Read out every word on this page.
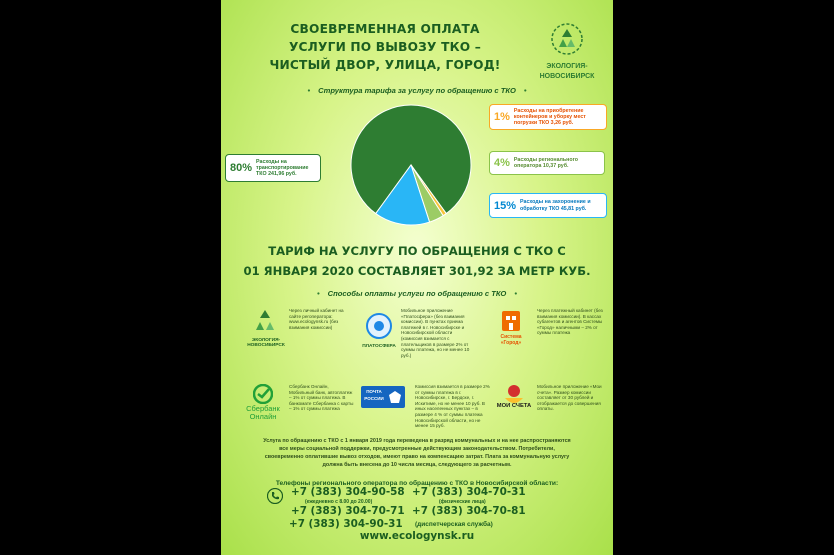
СВОЕВРЕМЕННАЯ ОПЛАТА
УСЛУГИ ПО ВЫВОЗУ ТКО –
ЧИСТЫЙ ДВОР, УЛИЦА, ГОРОД!	ЭКОЛОГИЯ-
НОВОСИБИРСК
• Структура тарифа за услугу по обращению с ТКО •
80%
Расходы на транспортирование ТКО 241,96 руб.
1%
Расходы на приобретение контейнеров и уборку мест погрузки ТКО 3,26 руб.
4% Расходы регионального оператора 10,37 руб.
15% Расходы на захоронение и обработку ТКО 45,81 руб.
ТАРИФ НА УСЛУГУ ПО ОБРАЩЕНИЯ С ТКО С
01 ЯНВАРЯ 2020 СОСТАВЛЯЕТ 301,92 ЗА МЕТР КУБ.
• Способы оплаты услуги по обращению с ТКО •
ЭКОЛОГИЯ-НОВОСИБИРСК
Через личный кабинет на сайте регоператора: www.ecologynsk.ru (без взимания комиссии)
ПЛАТОСФЕРА
Мобильное приложение «Платосфера» (без взимания комиссии). В пунктах приема платежей в г. Новосибирске и Новосибирской области (комиссия взимается с плательщиков в размере 2% от суммы платежа, но не менее 10 руб.)
Система «Город»
Через платежный кабинет (без взимания комиссии). В кассах субагентов и агентов Системы «Город» наличными – 2% от суммы платежа
Сбербанк
Онлайн
Сбербанк Онлайн, Мобильный банк, автоплатеж – 1% от суммы платежа. В банкомате Сбербанка с карты – 1% от суммы платежа
ПОЧТА
РОССИИ
Комиссия взимается в размере 2% от суммы платежа в г. Новосибирске, г. Бердске, г. Искитиме, но не менее 10 руб. В иных населенных пунктах – в размере 4 % от суммы платежа Новосибирской области, но не менее 15 руб.
МОИ СЧЕТА
Мобильное приложение «Мои счета». Размер комиссии составляет от 30 рублей и отображается до совершения оплаты.
Услуга по обращению с ТКО с 1 января 2019 года переведена в разряд коммунальных и на нее распространяются все меры социальной поддержки, предусмотренные действующим законодательством. Потребители, своевременно оплатившие вывоз отходов, имеют право на компенсацию затрат. Плата за коммунальную услугу должна быть внесена до 10 числа месяца, следующего за расчетным.
Телефоны регионального оператора по обращению с ТКО в Новосибирской области:
+7 (383) 304-90-58
(ежедневно с 8.00 до 20.00)
+7 (383) 304-70-31
(физические лица)
+7 (383) 304-70-71 +7 (383) 304-70-81
+7 (383) 304-90-31 (диспетчерская служба)
www.ecologynsk.ru
